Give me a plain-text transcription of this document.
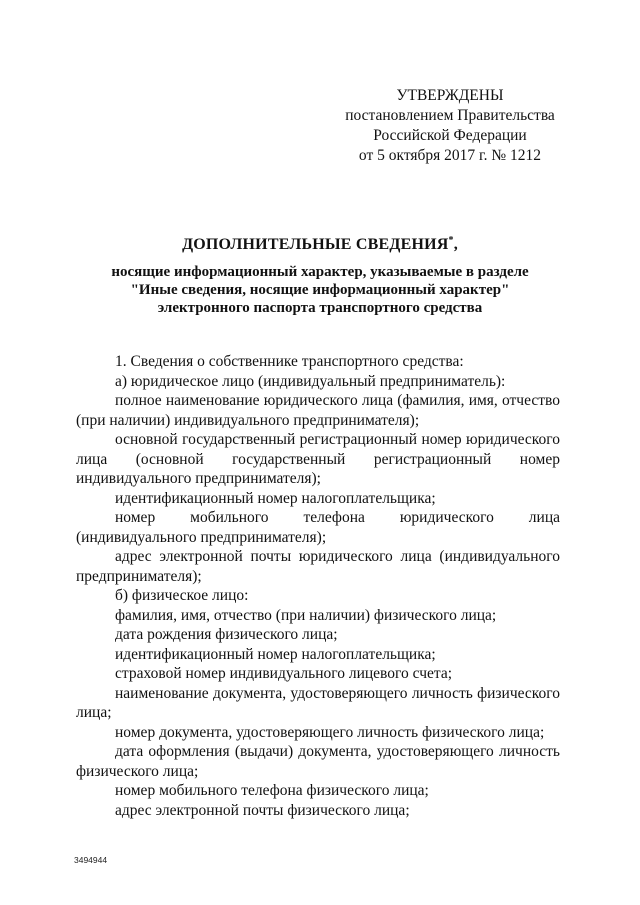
УТВЕРЖДЕНЫ
постановлением Правительства
Российской Федерации
от 5 октября 2017 г. № 1212
ДОПОЛНИТЕЛЬНЫЕ СВЕДЕНИЯ*,
носящие информационный характер, указываемые в разделе
"Иные сведения, носящие информационный характер"
электронного паспорта транспортного средства

1. Сведения о собственнике транспортного средства:

а) юридическое лицо (индивидуальный предприниматель):

полное наименование юридического лица (фамилия, имя, отчество (при наличии) индивидуального предпринимателя);

основной государственный регистрационный номер юридического лица (основной государственный регистрационный номер индивидуального предпринимателя);

идентификационный номер налогоплательщика;

номер мобильного телефона юридического лица (индивидуального предпринимателя);

адрес электронной почты юридического лица (индивидуального предпринимателя);

б) физическое лицо:

фамилия, имя, отчество (при наличии) физического лица;

дата рождения физического лица;

идентификационный номер налогоплательщика;

страховой номер индивидуального лицевого счета;

наименование документа, удостоверяющего личность физического лица;

номер документа, удостоверяющего личность физического лица;

дата оформления (выдачи) документа, удостоверяющего личность физического лица;

номер мобильного телефона физического лица;

адрес электронной почты физического лица;

3494944
